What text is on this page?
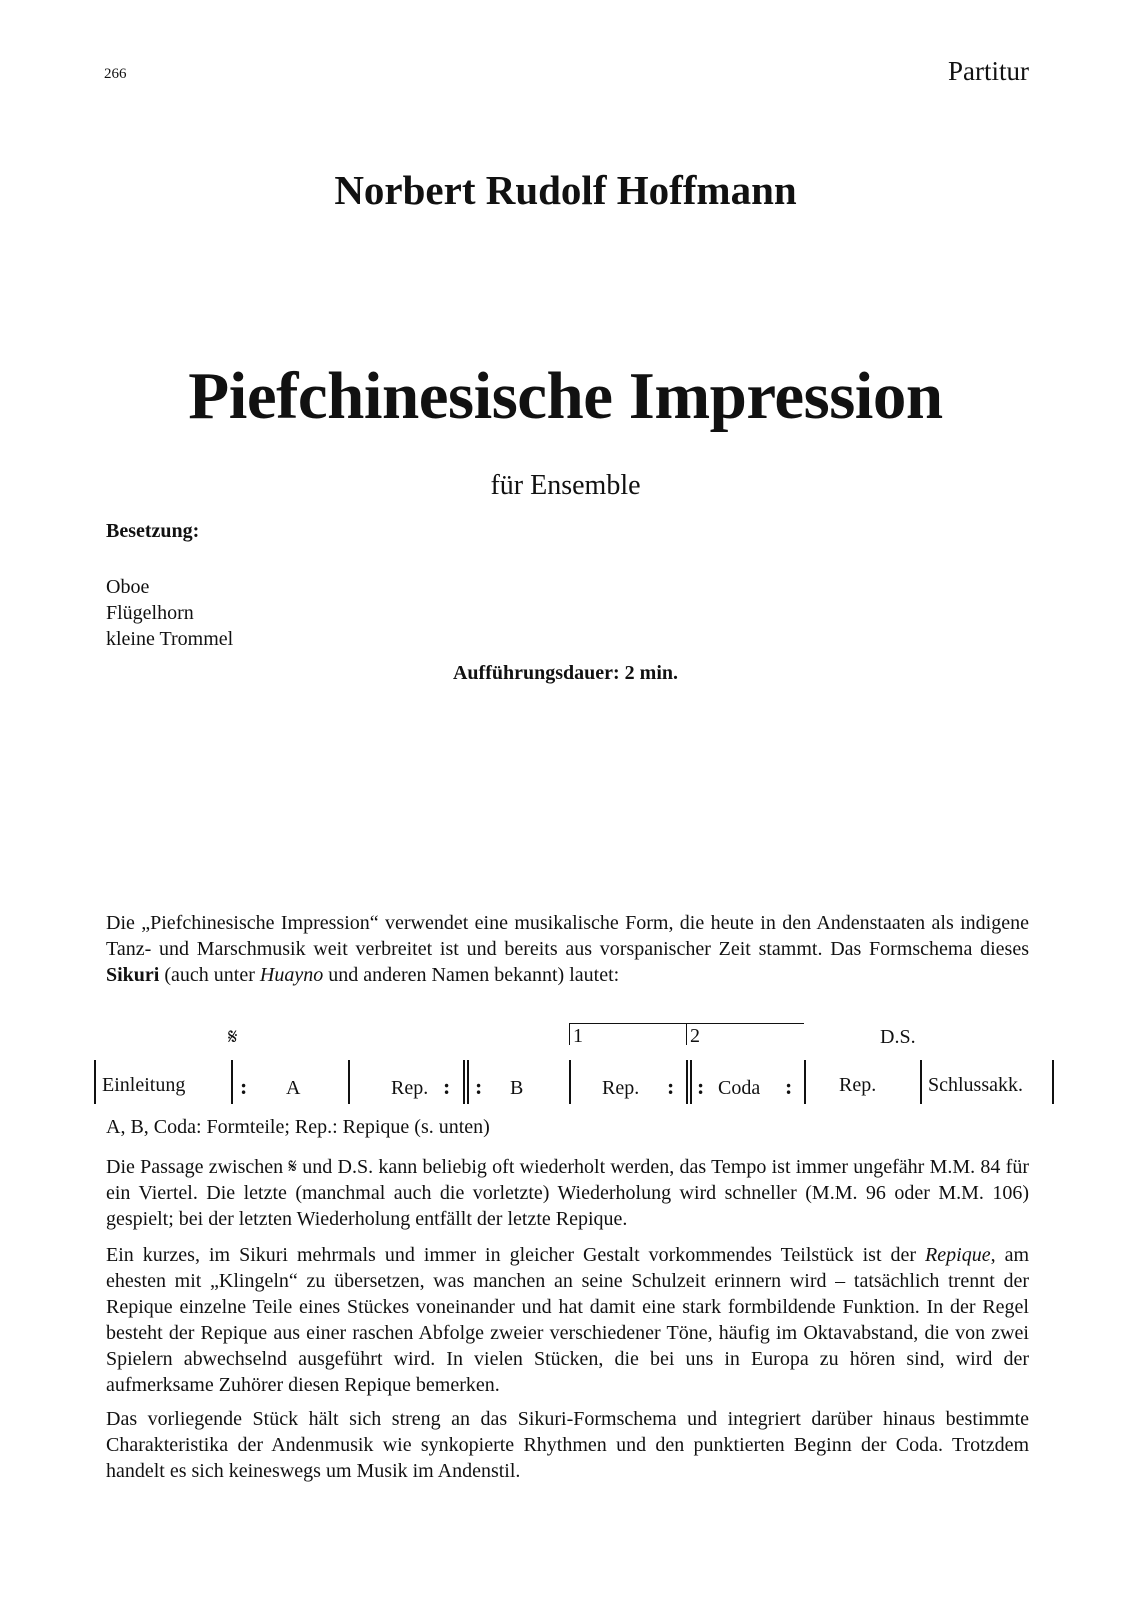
266	Partitur
Norbert Rudolf Hoffmann
Piefchinesische Impression
für Ensemble
Besetzung:
Oboe
Flügelhorn
kleine Trommel
Aufführungsdauer: 2 min.

Die „Piefchinesische Impression“ verwendet eine musikalische Form, die heute in den Andenstaaten als indigene Tanz- und Marschmusik weit verbreitet ist und bereits aus vorspanischer Zeit stammt. Das Formschema dieses Sikuri (auch unter Huayno und anderen Namen bekannt) lautet:

𝄋	D.S.
1	2
Einleitung : A	Rep. : : B	Rep. : : Coda : Rep.	Schlussakk.
A, B, Coda: Formteile; Rep.: Repique (s. unten)

Die Passage zwischen 𝄋 und D.S. kann beliebig oft wiederholt werden, das Tempo ist immer ungefähr M.M. 84 für ein Viertel. Die letzte (manchmal auch die vorletzte) Wiederholung wird schneller (M.M. 96 oder M.M. 106) gespielt; bei der letzten Wiederholung entfällt der letzte Repique.

Ein kurzes, im Sikuri mehrmals und immer in gleicher Gestalt vorkommendes Teilstück ist der Repique, am ehesten mit „Klingeln“ zu übersetzen, was manchen an seine Schulzeit erinnern wird – tatsächlich trennt der Repique einzelne Teile eines Stückes voneinander und hat damit eine stark formbildende Funktion. In der Regel besteht der Repique aus einer raschen Abfolge zweier verschiedener Töne, häufig im Oktavabstand, die von zwei Spielern abwechselnd ausgeführt wird. In vielen Stücken, die bei uns in Europa zu hören sind, wird der aufmerksame Zuhörer diesen Repique bemerken.

Das vorliegende Stück hält sich streng an das Sikuri-Formschema und integriert darüber hinaus bestimmte Charakteristika der Andenmusik wie synkopierte Rhythmen und den punktierten Beginn der Coda. Trotzdem handelt es sich keineswegs um Musik im Andenstil.
